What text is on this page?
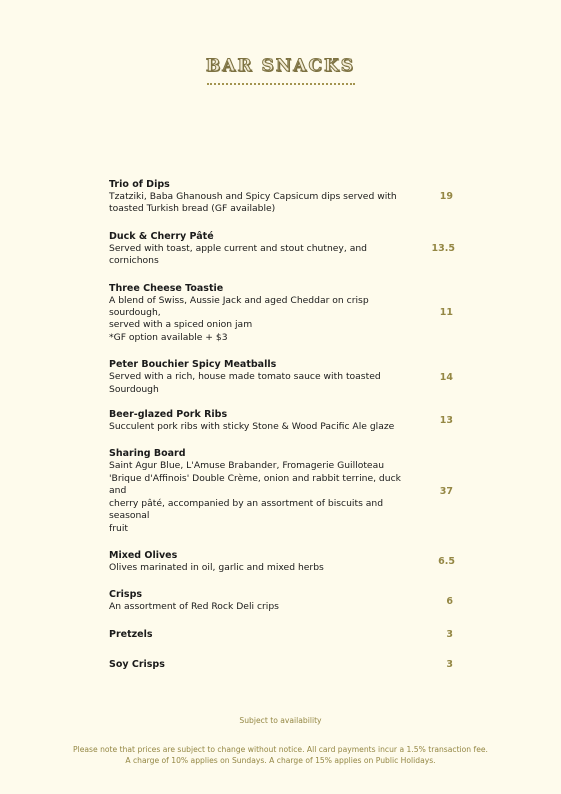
BAR SNACKS
Trio of Dips
Tzatziki, Baba Ghanoush and Spicy Capsicum dips served with
toasted Turkish bread (GF available)
19
Duck & Cherry Pâté
Served with toast, apple current and stout chutney, and cornichons
13.5
Three Cheese Toastie
A blend of Swiss, Aussie Jack and aged Cheddar on crisp sourdough,
served with a spiced onion jam
*GF option available + $3
11
Peter Bouchier Spicy Meatballs
Served with a rich, house made tomato sauce with toasted
Sourdough
14
Beer-glazed Pork Ribs
Succulent pork ribs with sticky Stone & Wood Pacific Ale glaze
13
Sharing Board
Saint Agur Blue, L'Amuse Brabander, Fromagerie Guilloteau
'Brique d'Affinois' Double Crème, onion and rabbit terrine, duck and
cherry pâté, accompanied by an assortment of biscuits and seasonal
fruit
37
Mixed Olives
Olives marinated in oil, garlic and mixed herbs
6.5
Crisps
An assortment of Red Rock Deli crips
6
Pretzels	3
Soy Crisps	3
Subject to availability
Please note that prices are subject to change without notice. All card payments incur a 1.5% transaction fee.
A charge of 10% applies on Sundays. A charge of 15% applies on Public Holidays.
